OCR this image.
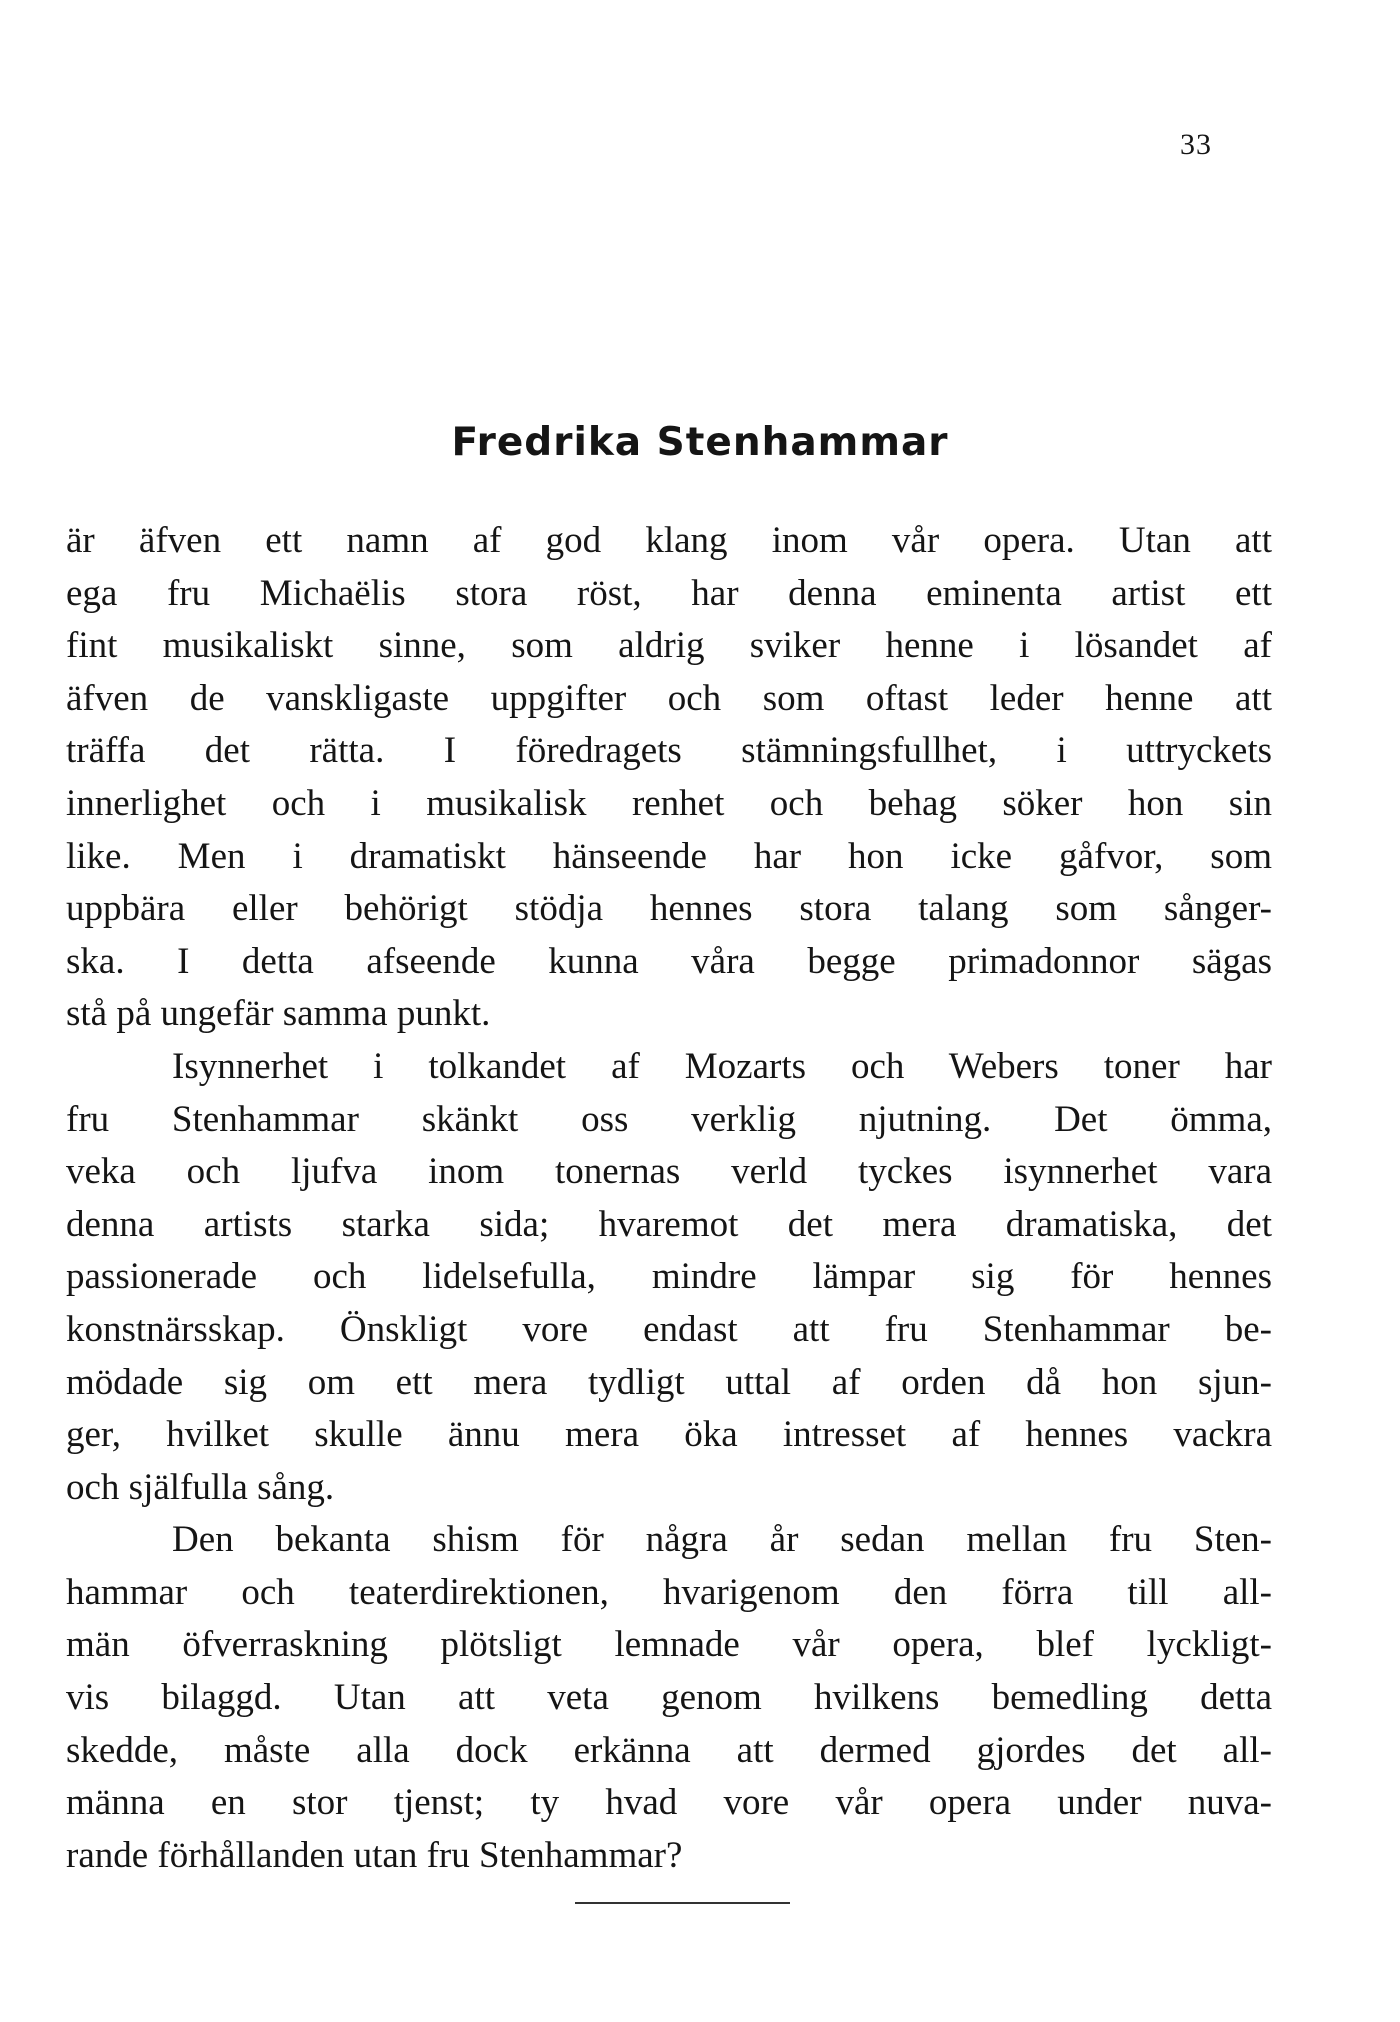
33
Fredrika Stenhammar
är äfven ett namn af god klang inom vår opera. Utan att
ega fru Michaëlis stora röst, har denna eminenta artist ett
fint musikaliskt sinne, som aldrig sviker henne i lösandet af
äfven de vanskligaste uppgifter och som oftast leder henne att
träffa det rätta. I föredragets stämningsfullhet, i uttryckets
innerlighet och i musikalisk renhet och behag söker hon sin
like. Men i dramatiskt hänseende har hon icke gåfvor, som
uppbära eller behörigt stödja hennes stora talang som sånger-
ska. I detta afseende kunna våra begge primadonnor sägas
stå på ungefär samma punkt.
Isynnerhet i tolkandet af Mozarts och Webers toner har
fru Stenhammar skänkt oss verklig njutning. Det ömma,
veka och ljufva inom tonernas verld tyckes isynnerhet vara
denna artists starka sida; hvaremot det mera dramatiska, det
passionerade och lidelsefulla, mindre lämpar sig för hennes
konstnärsskap. Önskligt vore endast att fru Stenhammar be-
mödade sig om ett mera tydligt uttal af orden då hon sjun-
ger, hvilket skulle ännu mera öka intresset af hennes vackra
och själfulla sång.
Den bekanta shism för några år sedan mellan fru Sten-
hammar och teaterdirektionen, hvarigenom den förra till all-
män öfverraskning plötsligt lemnade vår opera, blef lyckligt-
vis bilaggd. Utan att veta genom hvilkens bemedling detta
skedde, måste alla dock erkänna att dermed gjordes det all-
männa en stor tjenst; ty hvad vore vår opera under nuva-
rande förhållanden utan fru Stenhammar?
